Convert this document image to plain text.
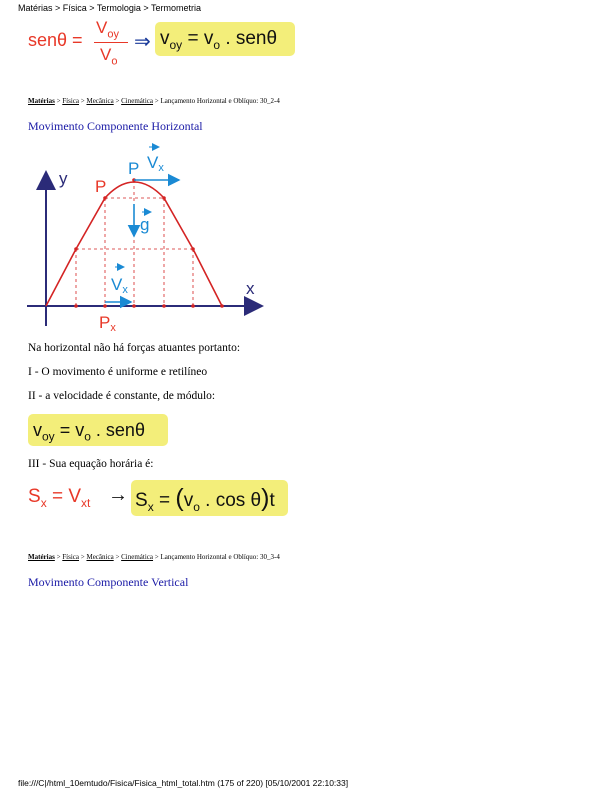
Matérias > Física > Termologia > Termometria
senθ =
$V_{oy}$
$V_o$
⇒ $v_{oy} = v_o$ . senθ
Matérias > Física > Mecânica > Cinemática > Lançamento Horizontal e Oblíquo: 30_2-4
Movimento Componente Horizontal
y
x
P
P
Vx
g
Vx
Px
Na horizontal não há forças atuantes portanto:
I - O movimento é uniforme e retilíneo
II - a velocidade é constante, de módulo:
$v_{oy} = v_o$ . senθ
III - Sua equação horária é:
$S_x = V_{xt} \to S_x = (v_o$ . cos θ)t
Matérias > Física > Mecânica > Cinemática > Lançamento Horizontal e Oblíquo: 30_3-4
Movimento Componente Vertical
file:///C|/html_10emtudo/Fisica/Fisica_html_total.htm (175 of 220) [05/10/2001 22:10:33]
